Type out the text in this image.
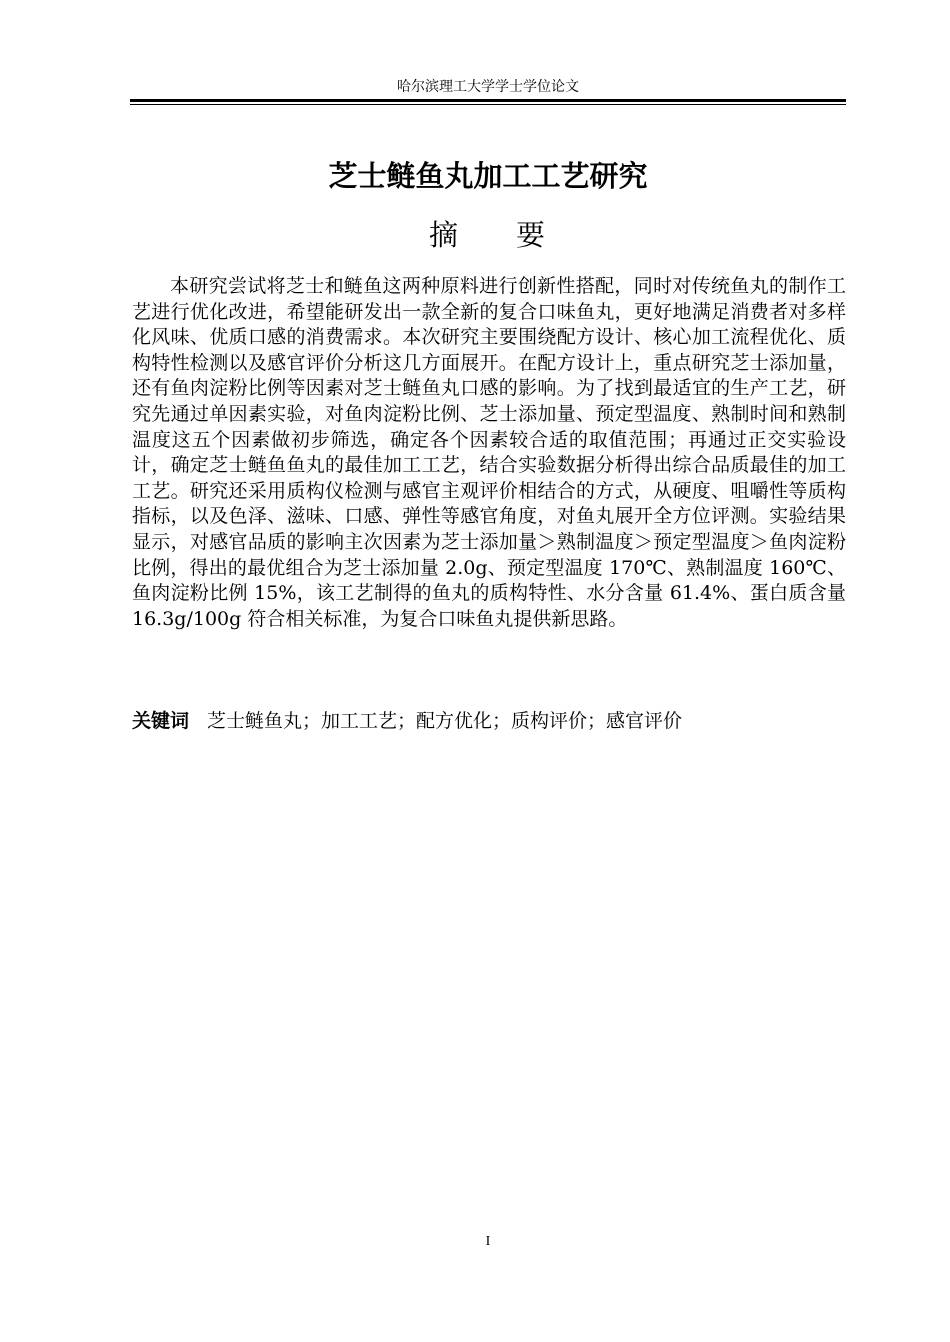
哈尔滨理工大学学士学位论文
芝士鲢鱼丸加工工艺研究
摘 要

本研究尝试将芝士和鲢鱼这两种原料进行创新性搭配，同时对传统鱼丸的制作工艺进行优化改进，希望能研发出一款全新的复合口味鱼丸，更好地满足消费者对多样化风味、优质口感的消费需求。本次研究主要围绕配方设计、核心加工流程优化、质构特性检测以及感官评价分析这几方面展开。在配方设计上，重点研究芝士添加量，还有鱼肉淀粉比例等因素对芝士鲢鱼丸口感的影响。为了找到最适宜的生产工艺，研究先通过单因素实验，对鱼肉淀粉比例、芝士添加量、预定型温度、熟制时间和熟制温度这五个因素做初步筛选，确定各个因素较合适的取值范围；再通过正交实验设计，确定芝士鲢鱼鱼丸的最佳加工工艺，结合实验数据分析得出综合品质最佳的加工工艺。研究还采用质构仪检测与感官主观评价相结合的方式，从硬度、咀嚼性等质构指标，以及色泽、滋味、口感、弹性等感官角度，对鱼丸展开全方位评测。实验结果显示，对感官品质的影响主次因素为芝士添加量＞熟制温度＞预定型温度＞鱼肉淀粉比例，得出的最优组合为芝士添加量 2.0g、预定型温度 170℃、熟制温度 160℃、鱼肉淀粉比例 15%，该工艺制得的鱼丸的质构特性、水分含量 61.4%、蛋白质含量 16.3g/100g 符合相关标准，为复合口味鱼丸提供新思路。

关键词 芝士鲢鱼丸；加工工艺；配方优化；质构评价；感官评价
I
